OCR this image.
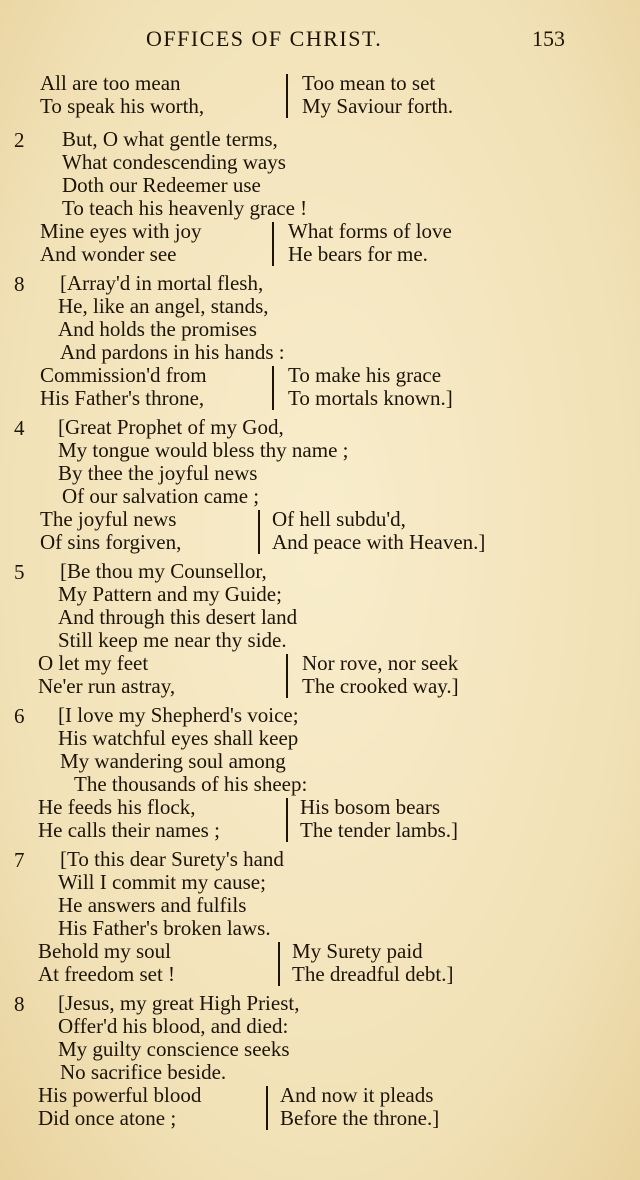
OFFICES OF CHRIST.	153
All are too mean	Too mean to set
To speak his worth,	My Saviour forth.
2 But, O what gentle terms,
What condescending ways
Doth our Redeemer use
To teach his heavenly grace !
Mine eyes with joy	What forms of love
And wonder see	He bears for me.
8 [Array'd in mortal flesh,
He, like an angel, stands,
And holds the promises
And pardons in his hands :
Commission'd from	To make his grace
His Father's throne,	To mortals known.]
4 [Great Prophet of my God,
My tongue would bless thy name ;
By thee the joyful news
Of our salvation came ;
The joyful news	Of hell subdu'd,
Of sins forgiven,	And peace with Heaven.]
5 [Be thou my Counsellor,
My Pattern and my Guide;
And through this desert land
Still keep me near thy side.
O let my feet	Nor rove, nor seek
Ne'er run astray,	The crooked way.]
6 [I love my Shepherd's voice;
His watchful eyes shall keep
My wandering soul among
The thousands of his sheep:
He feeds his flock,	His bosom bears
He calls their names ;	The tender lambs.]
7 [To this dear Surety's hand
Will I commit my cause;
He answers and fulfils
His Father's broken laws.
Behold my soul	My Surety paid
At freedom set !	The dreadful debt.]
8 [Jesus, my great High Priest,
Offer'd his blood, and died:
My guilty conscience seeks
No sacrifice beside.
His powerful blood	And now it pleads
Did once atone ;	Before the throne.]
